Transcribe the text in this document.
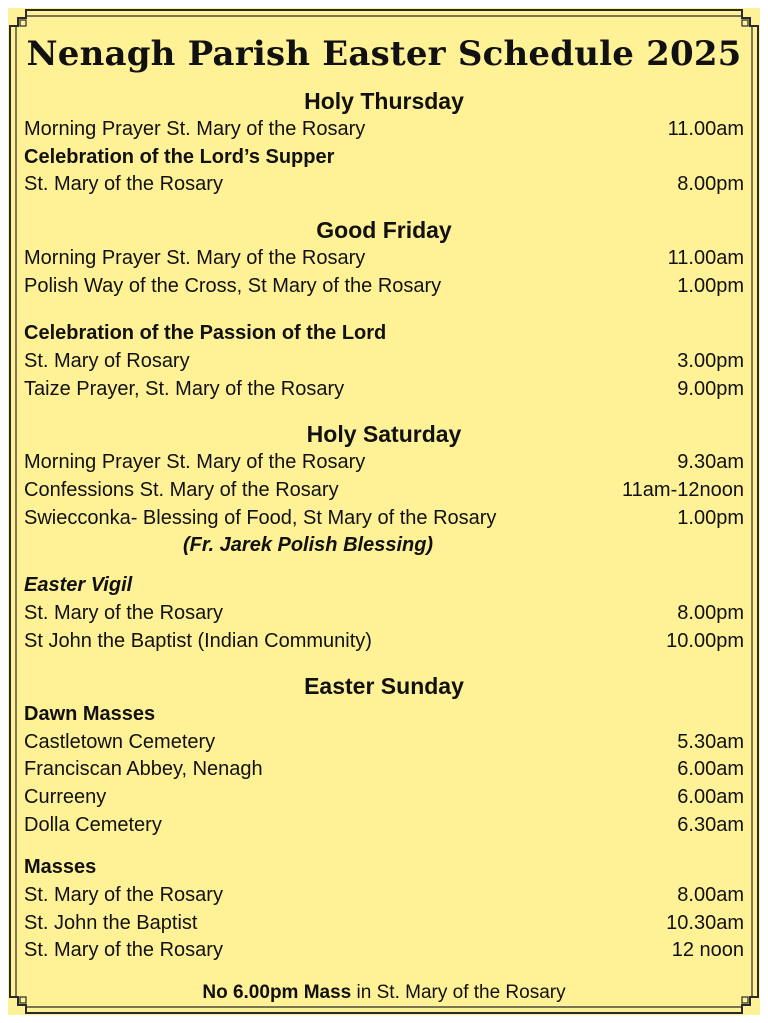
Nenagh Parish Easter Schedule 2025
Holy Thursday
Morning Prayer St. Mary of the Rosary	11.00am
Celebration of the Lord’s Supper
St. Mary of the Rosary	8.00pm
Good Friday
Morning Prayer St. Mary of the Rosary	11.00am
Polish Way of the Cross, St Mary of the Rosary	1.00pm
Celebration of the Passion of the Lord
St. Mary of Rosary	3.00pm
Taize Prayer, St. Mary of the Rosary	9.00pm
Holy Saturday
Morning Prayer St. Mary of the Rosary	9.30am
Confessions St. Mary of the Rosary	11am-12noon
Swiecconka- Blessing of Food, St Mary of the Rosary	1.00pm
(Fr. Jarek Polish Blessing)
Easter Vigil
St. Mary of the Rosary	8.00pm
St John the Baptist (Indian Community)	10.00pm
Easter Sunday
Dawn Masses
Castletown Cemetery	5.30am
Franciscan Abbey, Nenagh	6.00am
Curreeny	6.00am
Dolla Cemetery	6.30am
Masses
St. Mary of the Rosary	8.00am
St. John the Baptist	10.30am
St. Mary of the Rosary	12 noon
No 6.00pm Mass in St. Mary of the Rosary
